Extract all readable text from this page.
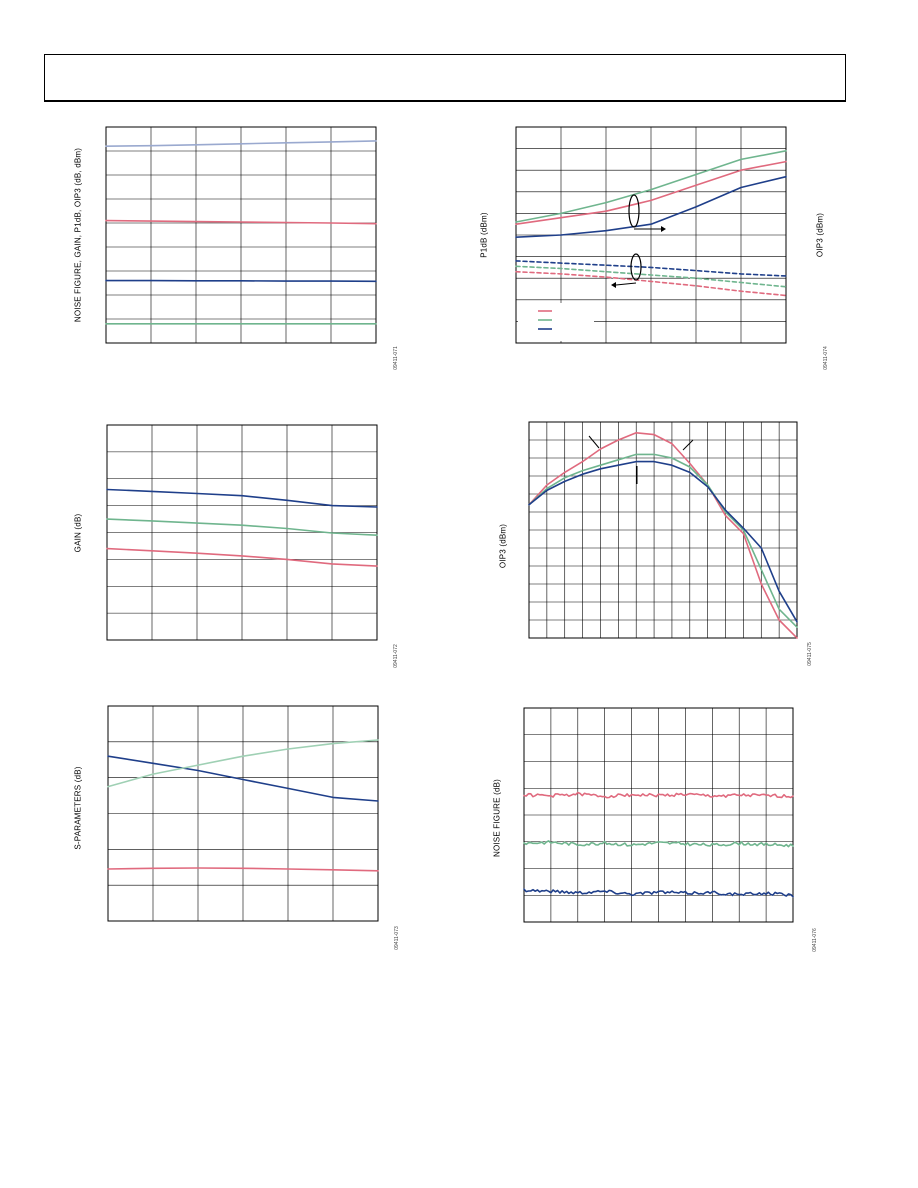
NOISE FIGURE, GAIN, P1dB, OIP3 (dB, dBm)
09411-071
P1dB (dBm)	OIP3 (dBm)
09411-074
GAIN (dB)
09411-072
OIP3 (dBm)
09411-075
S-PARAMETERS (dB)
09411-073
NOISE FIGURE (dB)
09411-076
